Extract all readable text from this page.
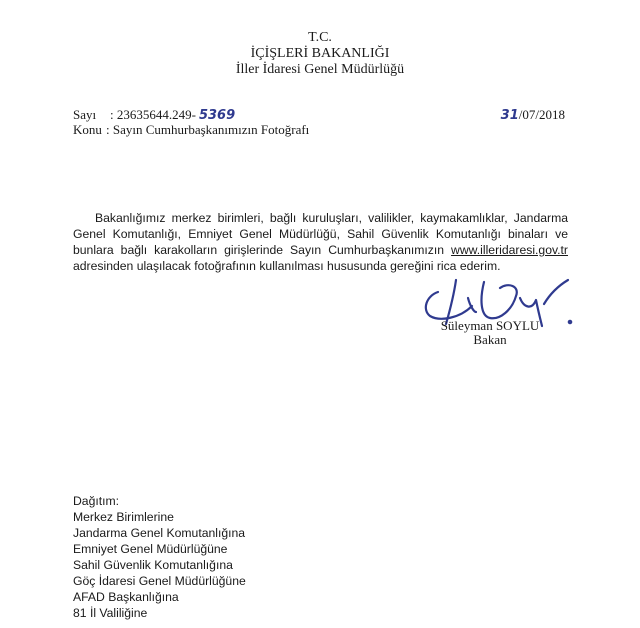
T.C.
İÇİŞLERİ BAKANLIĞI
İller İdaresi Genel Müdürlüğü
Sayı : 23635644.249- 5369
Konu : Sayın Cumhurbaşkanımızın Fotoğrafı
31/07/2018
Bakanlığımız merkez birimleri, bağlı kuruluşları, valilikler, kaymakamlıklar, Jandarma Genel Komutanlığı, Emniyet Genel Müdürlüğü, Sahil Güvenlik Komutanlığı binaları ve bunlara bağlı karakolların girişlerinde Sayın Cumhurbaşkanımızın www.illeridaresi.gov.tr adresinden ulaşılacak fotoğrafının kullanılması hususunda gereğini rica ederim.
Süleyman SOYLU
Bakan
Dağıtım:
Merkez Birimlerine
Jandarma Genel Komutanlığına
Emniyet Genel Müdürlüğüne
Sahil Güvenlik Komutanlığına
Göç İdaresi Genel Müdürlüğüne
AFAD Başkanlığına
81 İl Valiliğine
